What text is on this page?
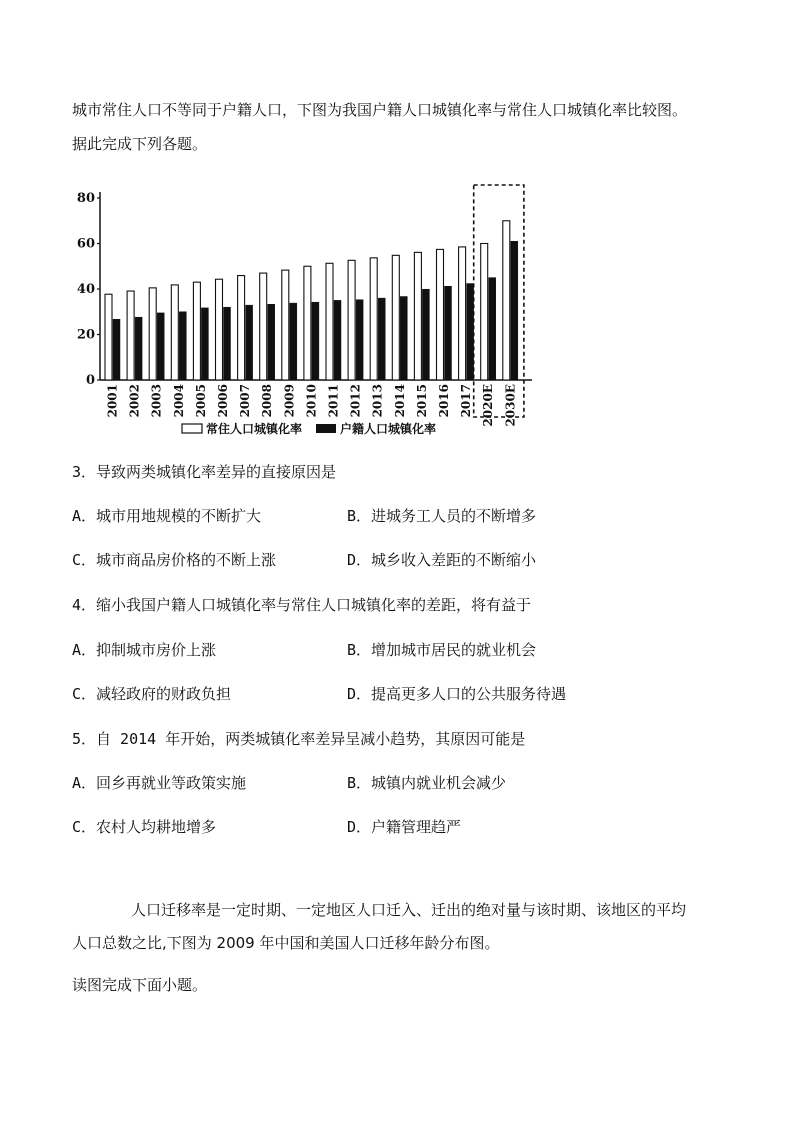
城市常住人口不等同于户籍人口，下图为我国户籍人口城镇化率与常住人口城镇化率比较图。
据此完成下列各题。
0
20
40
60
80
2001 2002 2003 2004 2005 2006 2007 2008 2009 2010 2011 2012 2013 2014 2015 2016 2017 2020E 2030E
常住人口城镇化率	户籍人口城镇化率
3．导致两类城镇化率差异的直接原因是
A．城市用地规模的不断扩大	B．进城务工人员的不断增多
C．城市商品房价格的不断上涨	D．城乡收入差距的不断缩小
4．缩小我国户籍人口城镇化率与常住人口城镇化率的差距，将有益于
A．抑制城市房价上涨	B．增加城市居民的就业机会
C．减轻政府的财政负担	D．提高更多人口的公共服务待遇
5．自 2014 年开始，两类城镇化率差异呈减小趋势，其原因可能是
A．回乡再就业等政策实施	B．城镇内就业机会减少
C．农村人均耕地增多	D．户籍管理趋严
人口迁移率是一定时期、一定地区人口迁入、迁出的绝对量与该时期、该地区的平均
人口总数之比,下图为 2009 年中国和美国人口迁移年龄分布图。
读图完成下面小题。
